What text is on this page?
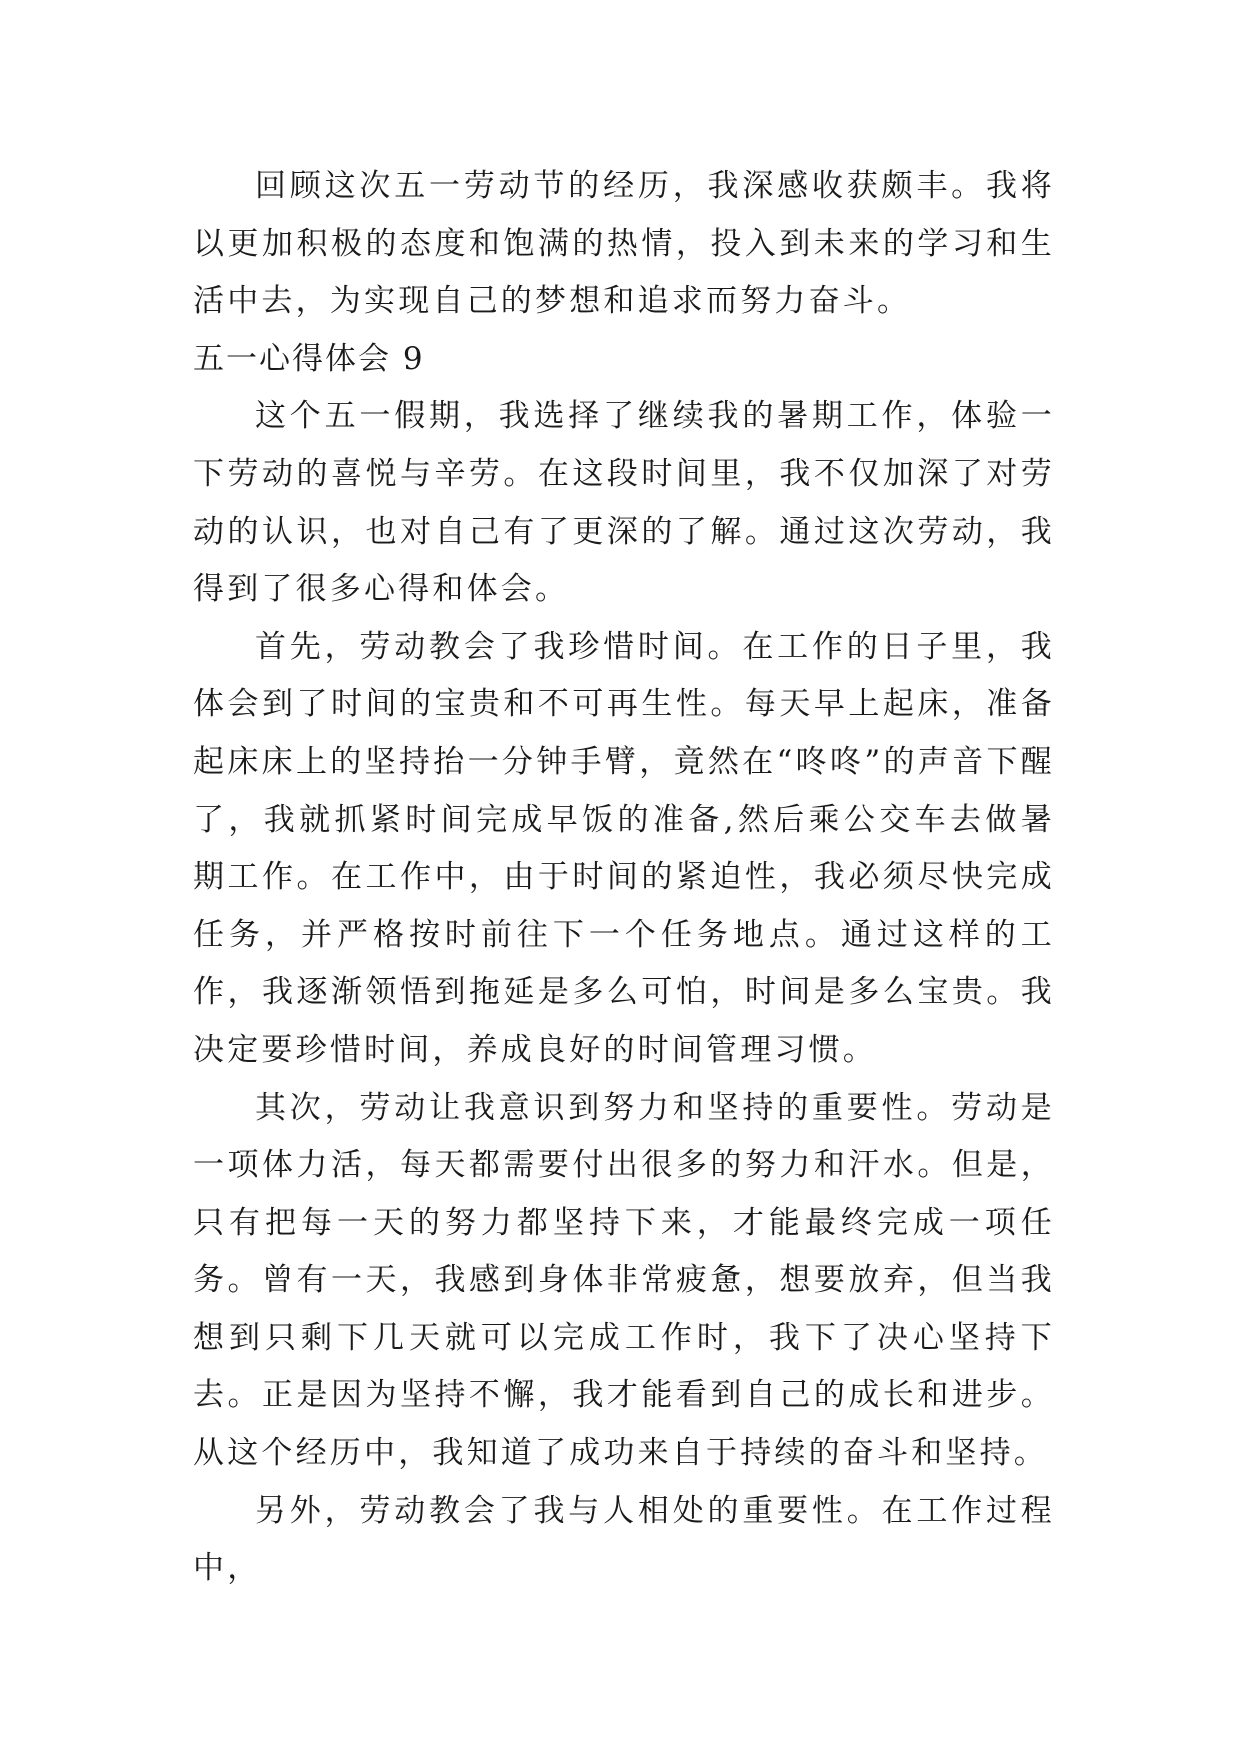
回顾这次五一劳动节的经历，我深感收获颇丰。我将以更加积极的态度和饱满的热情，投入到未来的学习和生活中去，为实现自己的梦想和追求而努力奋斗。

五一心得体会 9

这个五一假期，我选择了继续我的暑期工作，体验一下劳动的喜悦与辛劳。在这段时间里，我不仅加深了对劳动的认识，也对自己有了更深的了解。通过这次劳动，我得到了很多心得和体会。

首先，劳动教会了我珍惜时间。在工作的日子里，我体会到了时间的宝贵和不可再生性。每天早上起床，准备起床床上的坚持抬一分钟手臂，竟然在“咚咚”的声音下醒了，我就抓紧时间完成早饭的准备,然后乘公交车去做暑期工作。在工作中，由于时间的紧迫性，我必须尽快完成任务，并严格按时前往下一个任务地点。通过这样的工作，我逐渐领悟到拖延是多么可怕，时间是多么宝贵。我决定要珍惜时间，养成良好的时间管理习惯。

其次，劳动让我意识到努力和坚持的重要性。劳动是一项体力活，每天都需要付出很多的努力和汗水。但是，只有把每一天的努力都坚持下来，才能最终完成一项任务。曾有一天，我感到身体非常疲惫，想要放弃，但当我想到只剩下几天就可以完成工作时，我下了决心坚持下去。正是因为坚持不懈，我才能看到自己的成长和进步。从这个经历中，我知道了成功来自于持续的奋斗和坚持。

另外，劳动教会了我与人相处的重要性。在工作过程中，
